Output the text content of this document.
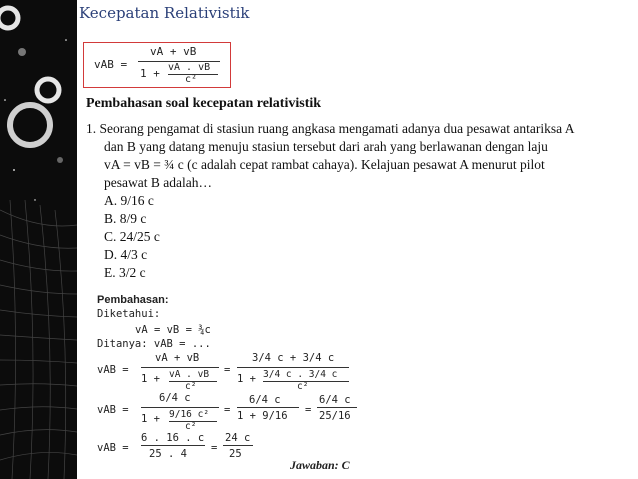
Kecepatan Relativistik
vAB =
vA + vB
1 + vA . vB
c²
Pembahasan soal kecepatan relativistik

1. Seorang pengamat di stasiun ruang angkasa mengamati adanya dua pesawat antariksa A

dan B yang datang menuju stasiun tersebut dari arah yang berlawanan dengan laju

vA = vB = ¾ c (c adalah cepat rambat cahaya). Kelajuan pesawat A menurut pilot

pesawat B adalah…

A. 9/16 c

B. 8/9 c

C. 24/25 c

D. 4/3 c

E. 3/2 c

Pembahasan:
Diketahui:
vA = vB = ¾c
Ditanya: vAB = ...
vAB =
vA + vB
1 + vA . vB
c²
=
3/4 c + 3/4 c
1 + 3/4 c . 3/4 c
c²
vAB =
6/4 c
1 + 9/16 c²
c²
=
6/4 c
1 + 9/16 =
6/4 c
25/16
vAB =
6 . 16 . c
25 . 4 =
24 c
25
Jawaban: C
